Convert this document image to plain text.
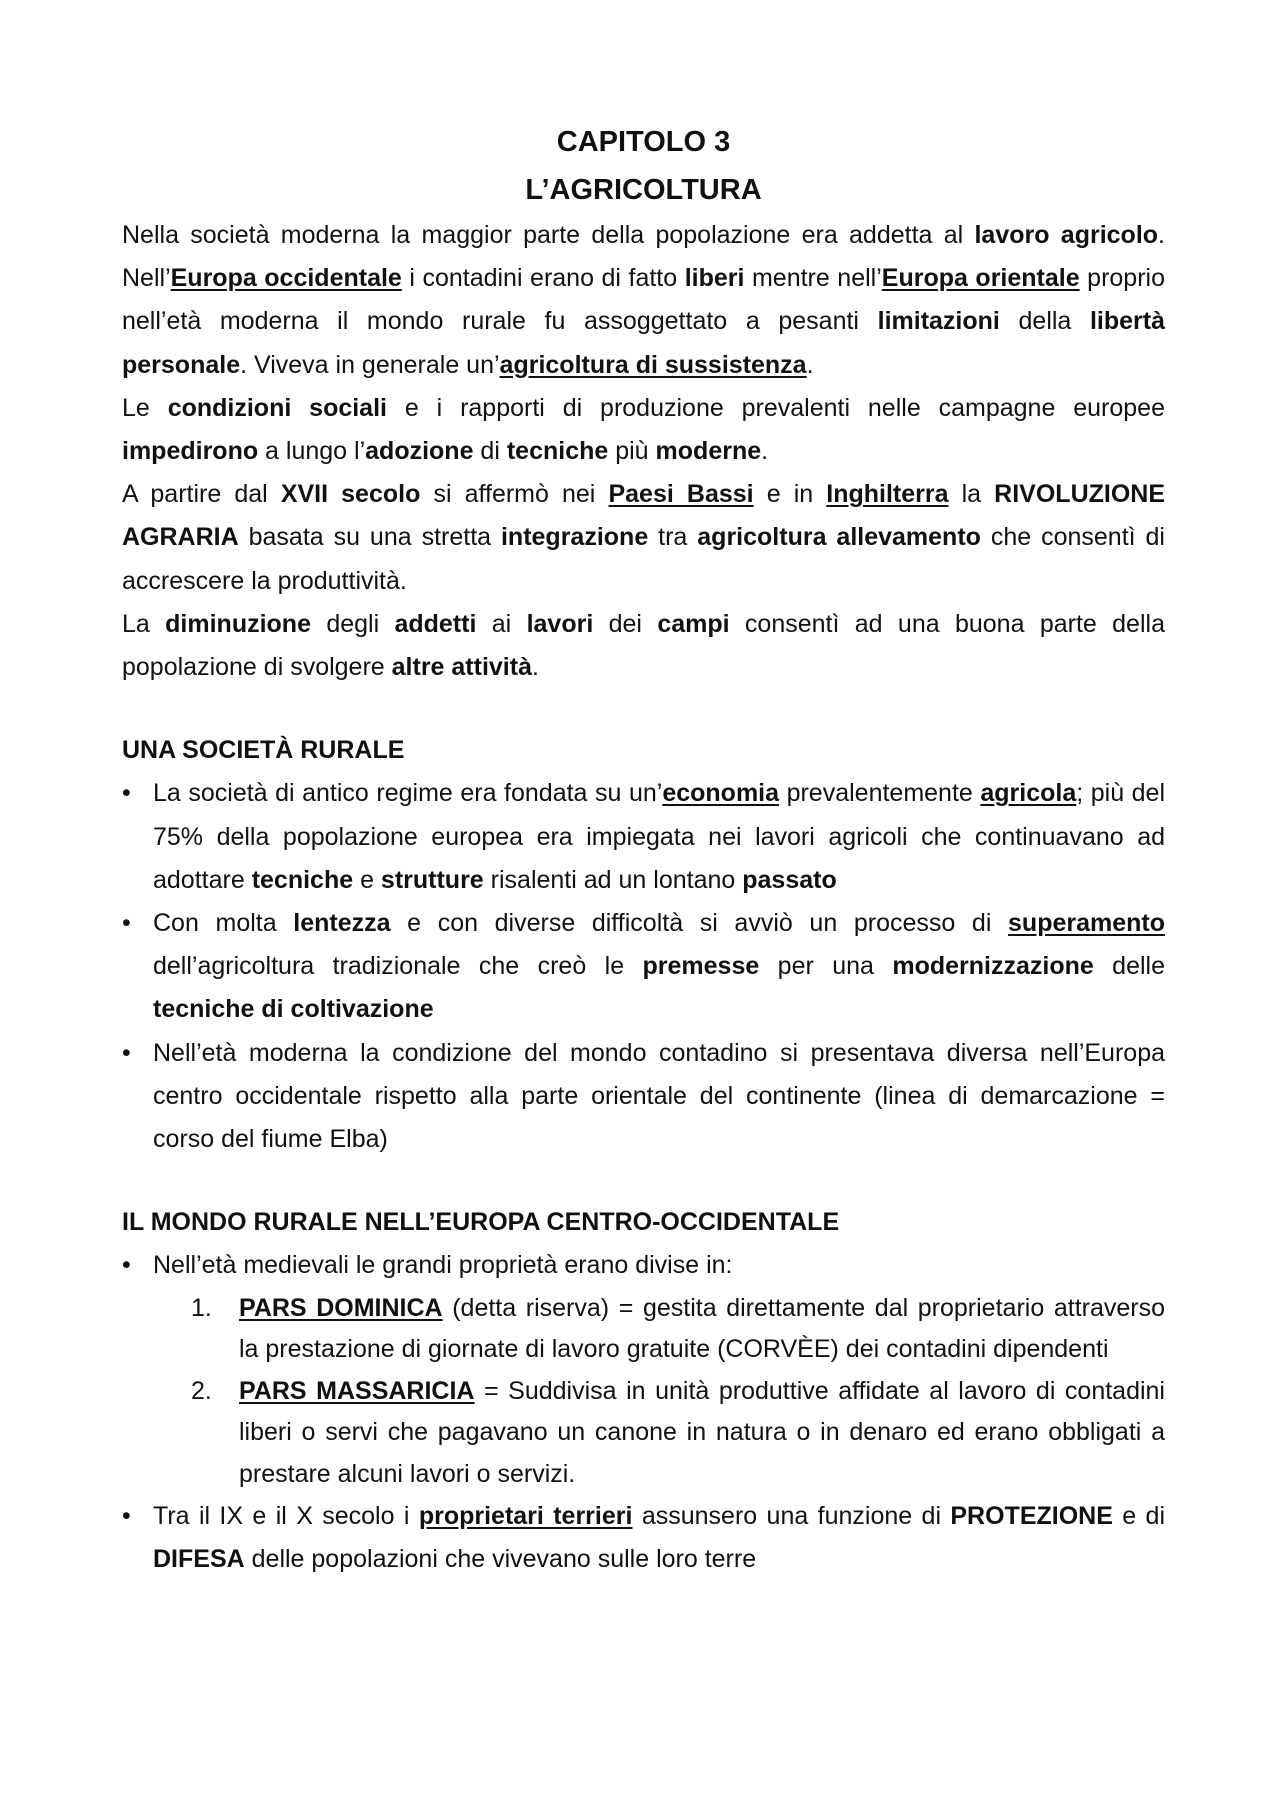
CAPITOLO 3
L’AGRICOLTURA

Nella società moderna la maggior parte della popolazione era addetta al lavoro agricolo. Nell’Europa occidentale i contadini erano di fatto liberi mentre nell’Europa orientale proprio nell’età moderna il mondo rurale fu assoggettato a pesanti limitazioni della libertà personale. Viveva in generale un’agricoltura di sussistenza.

Le condizioni sociali e i rapporti di produzione prevalenti nelle campagne europee impedirono a lungo l’adozione di tecniche più moderne.

A partire dal XVII secolo si affermò nei Paesi Bassi e in Inghilterra la RIVOLUZIONE AGRARIA basata su una stretta integrazione tra agricoltura allevamento che consentì di accrescere la produttività.

La diminuzione degli addetti ai lavori dei campi consentì ad una buona parte della popolazione di svolgere altre attività.

UNA SOCIETÀ RURALE
• La società di antico regime era fondata su un’economia prevalentemente agricola; più del 75% della popolazione europea era impiegata nei lavori agricoli che continuavano ad adottare tecniche e strutture risalenti ad un lontano passato
• Con molta lentezza e con diverse difficoltà si avviò un processo di superamento dell’agricoltura tradizionale che creò le premesse per una modernizzazione delle tecniche di coltivazione
• Nell’età moderna la condizione del mondo contadino si presentava diversa nell’Europa centro occidentale rispetto alla parte orientale del continente (linea di demarcazione = corso del fiume Elba)
IL MONDO RURALE NELL’EUROPA CENTRO-OCCIDENTALE
• Nell’età medievali le grandi proprietà erano divise in:
1. PARS DOMINICA (detta riserva) = gestita direttamente dal proprietario attraverso la prestazione di giornate di lavoro gratuite (CORVÈE) dei contadini dipendenti
2. PARS MASSARICIA = Suddivisa in unità produttive affidate al lavoro di contadini liberi o servi che pagavano un canone in natura o in denaro ed erano obbligati a prestare alcuni lavori o servizi.
• Tra il IX e il X secolo i proprietari terrieri assunsero una funzione di PROTEZIONE e di DIFESA delle popolazioni che vivevano sulle loro terre
